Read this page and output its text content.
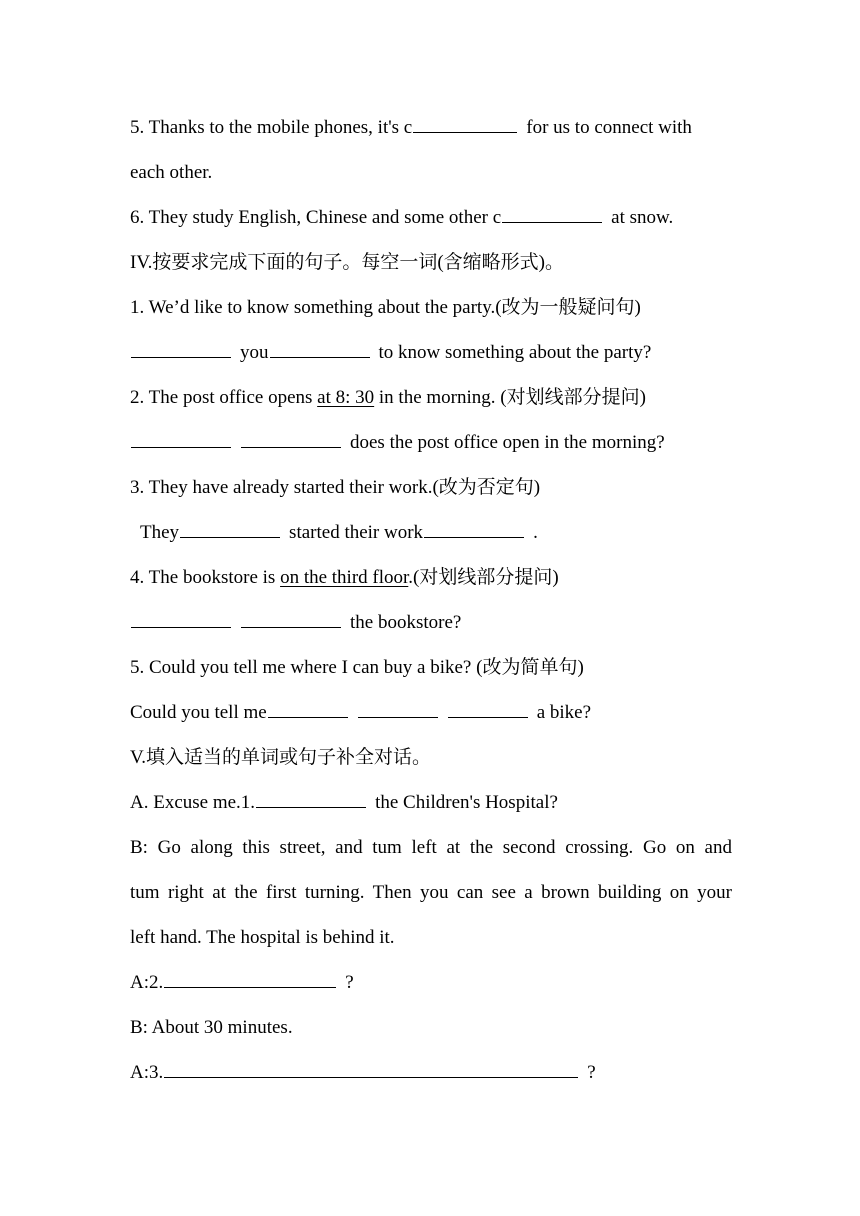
5. Thanks to the mobile phones, it's c	for us to connect with
each other.
6. They study English, Chinese and some other c	at snow.
IV.按要求完成下面的句子。每空一词(含缩略形式)。
1. We’d like to know something about the party.(改为一般疑问句)
you	to know something about the party?
2. The post office opens at 8: 30 in the morning. (对划线部分提问)
does the post office open in the morning?
3. They have already started their work.(改为否定句)
They	started their work	.
4. The bookstore is on the third floor.(对划线部分提问)
the bookstore?
5. Could you tell me where I can buy a bike? (改为简单句)
Could you tell me	a bike?
V.填入适当的单词或句子补全对话。
A. Excuse me.1.	the Children's Hospital?
B: Go along this street, and tum left at the second crossing. Go on and
tum right at the first turning. Then you can see a brown building on your
left hand. The hospital is behind it.
A:2.	?
B: About 30 minutes.
A:3.	?
